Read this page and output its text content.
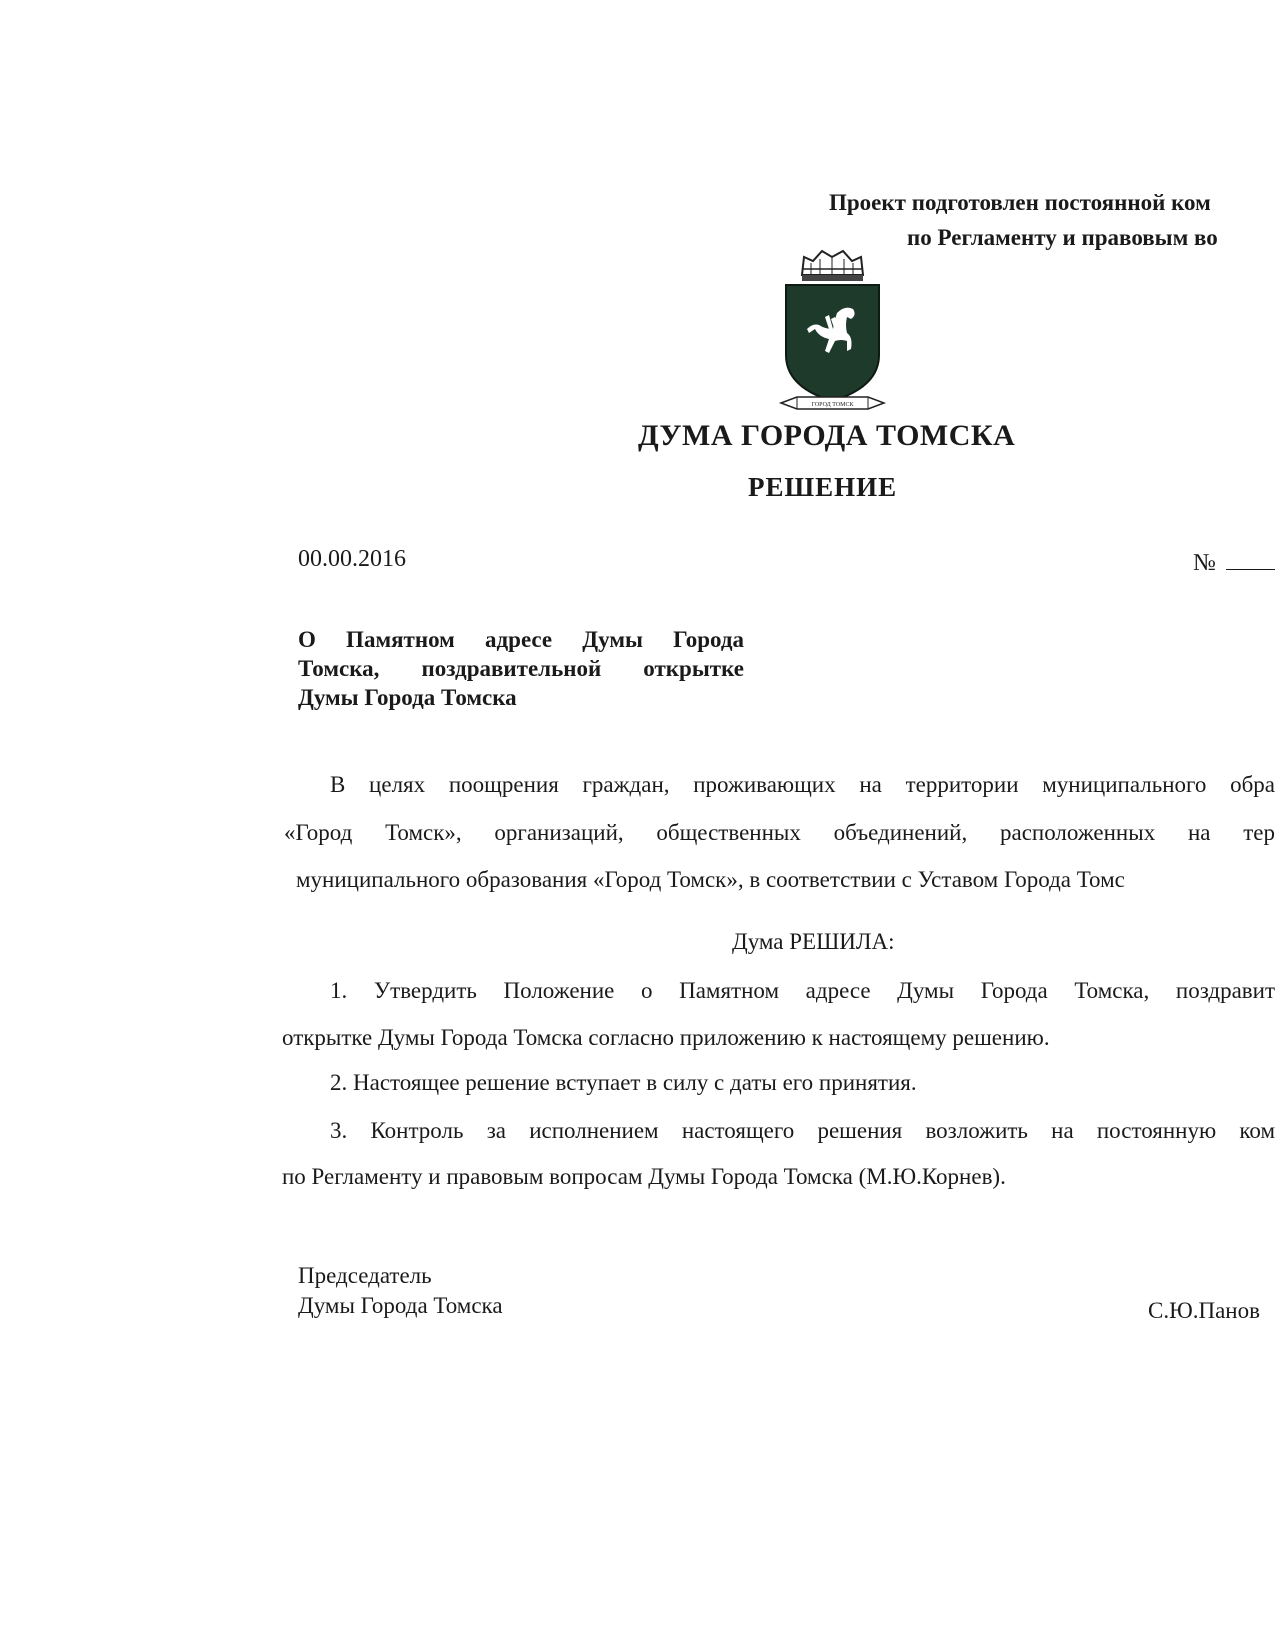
Проект подготовлен постоянной ком
по Регламенту и правовым во
ГОРОД ТОМСК
ДУМА ГОРОДА ТОМСКА
РЕШЕНИЕ
00.00.2016	№
О Памятном адресе Думы Города
Томска, поздравительной открытке
Думы Города Томска
В целях поощрения граждан, проживающих на территории муниципального обра
«Город Томск», организаций, общественных объединений, расположенных на тер
муниципального образования «Город Томск», в соответствии с Уставом Города Томс
Дума РЕШИЛА:
1. Утвердить Положение о Памятном адресе Думы Города Томска, поздравит
открытке Думы Города Томска согласно приложению к настоящему решению.
2. Настоящее решение вступает в силу с даты его принятия.
3. Контроль за исполнением настоящего решения возложить на постоянную ком
по Регламенту и правовым вопросам Думы Города Томска (М.Ю.Корнев).
Председатель
Думы Города Томска	С.Ю.Панов
